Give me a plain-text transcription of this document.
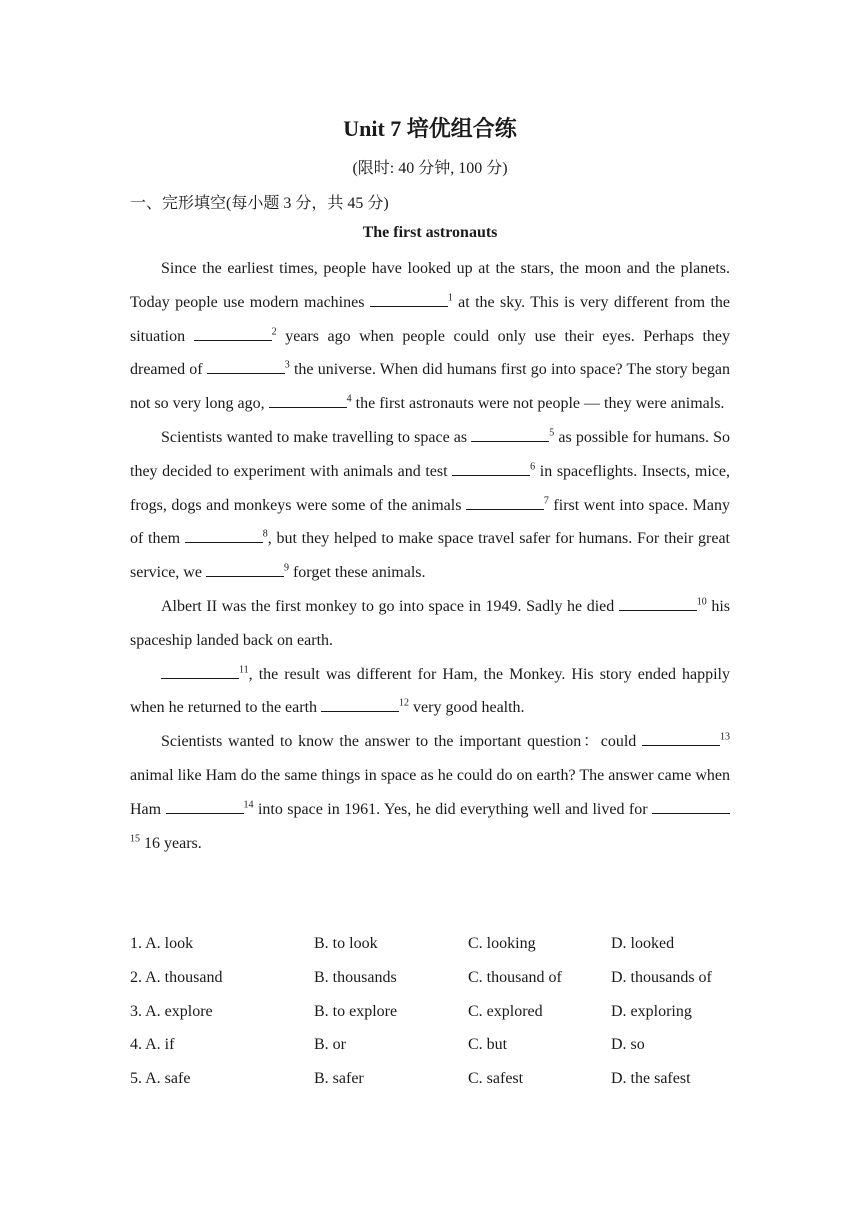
Unit 7 培优组合练
(限时: 40 分钟, 100 分)
一、完形填空(每小题 3 分，共 45 分)
The first astronauts

Since the earliest times, people have looked up at the stars, the moon and the planets. Today people use modern machines	$^1$ at the sky. This is very different from the situation	$^2$ years ago when people could only use their eyes. Perhaps they dreamed of	$^3$ the universe. When did humans first go into space? The story began not so very long ago,	$^4$ the first astronauts were not people — they were animals.

Scientists wanted to make travelling to space as	$^5$ as possible for humans. So they decided to experiment with animals and test	$^6$ in spaceflights. Insects, mice, frogs, dogs and monkeys were some of the animals	$^7$ first went into space. Many of them	$^8$, but they helped to make space travel safer for humans. For their great service, we	$^9$ forget these animals.

Albert II was the first monkey to go into space in 1949. Sadly he died	$^{10}$ his spaceship landed back on earth.

$^{11}$, the result was different for Ham, the Monkey. His story ended happily when he returned to the earth	$^{12}$ very good health.

Scientists wanted to know the answer to the important question：could	$^{13}$ animal like Ham do the same things in space as he could do on earth? The answer came when Ham	$^{14}$ into space in 1961. Yes, he did everything well and lived for $^{15}$ 16 years.

1. A. look	B. to look	C. looking	D. looked
2. A. thousand	B. thousands	C. thousand of	D. thousands of
3. A. explore	B. to explore	C. explored	D. exploring
4. A. if	B. or	C. but	D. so
5. A. safe	B. safer	C. safest	D. the safest
